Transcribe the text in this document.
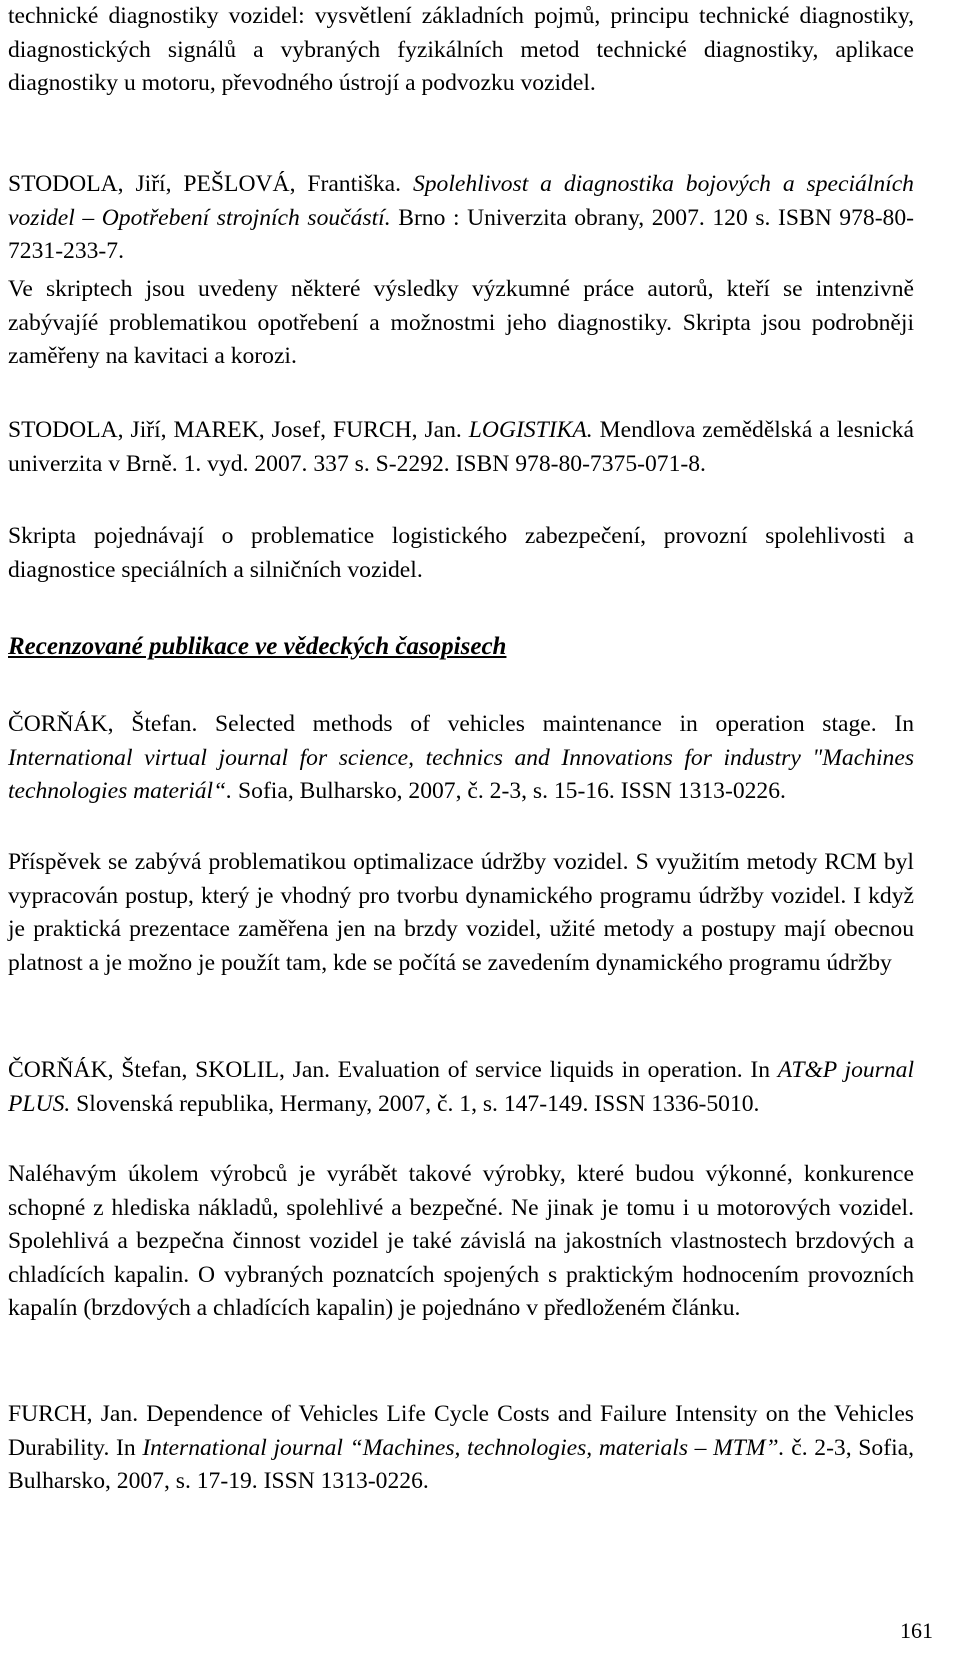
technické diagnostiky vozidel: vysvětlení základních pojmů, principu technické diagnostiky, diagnostických signálů a vybraných fyzikálních metod technické diagnostiky, aplikace diagnostiky u motoru, převodného ústrojí a podvozku vozidel.

STODOLA, Jiří, PEŠLOVÁ, Františka. Spolehlivost a diagnostika bojových a speciálních vozidel – Opotřebení strojních součástí. Brno : Univerzita obrany, 2007. 120 s. ISBN 978-80-7231-233-7.

Ve skriptech jsou uvedeny některé výsledky výzkumné práce autorů, kteří se intenzivně zabývajíé problematikou opotřebení a možnostmi jeho diagnostiky. Skripta jsou podrobněji zaměřeny na kavitaci a korozi.

STODOLA, Jiří, MAREK, Josef, FURCH, Jan. LOGISTIKA. Mendlova zemědělská a lesnická univerzita v Brně. 1. vyd. 2007. 337 s. S-2292. ISBN 978-80-7375-071-8.

Skripta pojednávají o problematice logistického zabezpečení, provozní spolehlivosti a diagnostice speciálních a silničních vozidel.

Recenzované publikace ve vědeckých časopisech

ČORŇÁK, Štefan. Selected methods of vehicles maintenance in operation stage. In International virtual journal for science, technics and Innovations for industry "Machines technologies materiál“. Sofia, Bulharsko, 2007, č. 2-3, s. 15-16. ISSN 1313-0226.

Příspěvek se zabývá problematikou optimalizace údržby vozidel. S využitím metody RCM byl vypracován postup, který je vhodný pro tvorbu dynamického programu údržby vozidel. I když je praktická prezentace zaměřena jen na brzdy vozidel, užité metody a postupy mají obecnou platnost a je možno je použít tam, kde se počítá se zavedením dynamického programu údržby

ČORŇÁK, Štefan, SKOLIL, Jan. Evaluation of service liquids in operation. In AT&P journal PLUS. Slovenská republika, Hermany, 2007, č. 1, s. 147-149. ISSN 1336-5010.

Naléhavým úkolem výrobců je vyrábět takové výrobky, které budou výkonné, konkurence schopné z hlediska nákladů, spolehlivé a bezpečné. Ne jinak je tomu i u motorových vozidel. Spolehlivá a bezpečna činnost vozidel je také závislá na jakostních vlastnostech brzdových a chladících kapalin. O vybraných poznatcích spojených s praktickým hodnocením provozních kapalín (brzdových a chladících kapalin) je pojednáno v předloženém článku.

FURCH, Jan. Dependence of Vehicles Life Cycle Costs and Failure Intensity on the Vehicles Durability. In International journal “Machines, technologies, materials – MTM”. č. 2-3, Sofia, Bulharsko, 2007, s. 17-19. ISSN 1313-0226.

161
